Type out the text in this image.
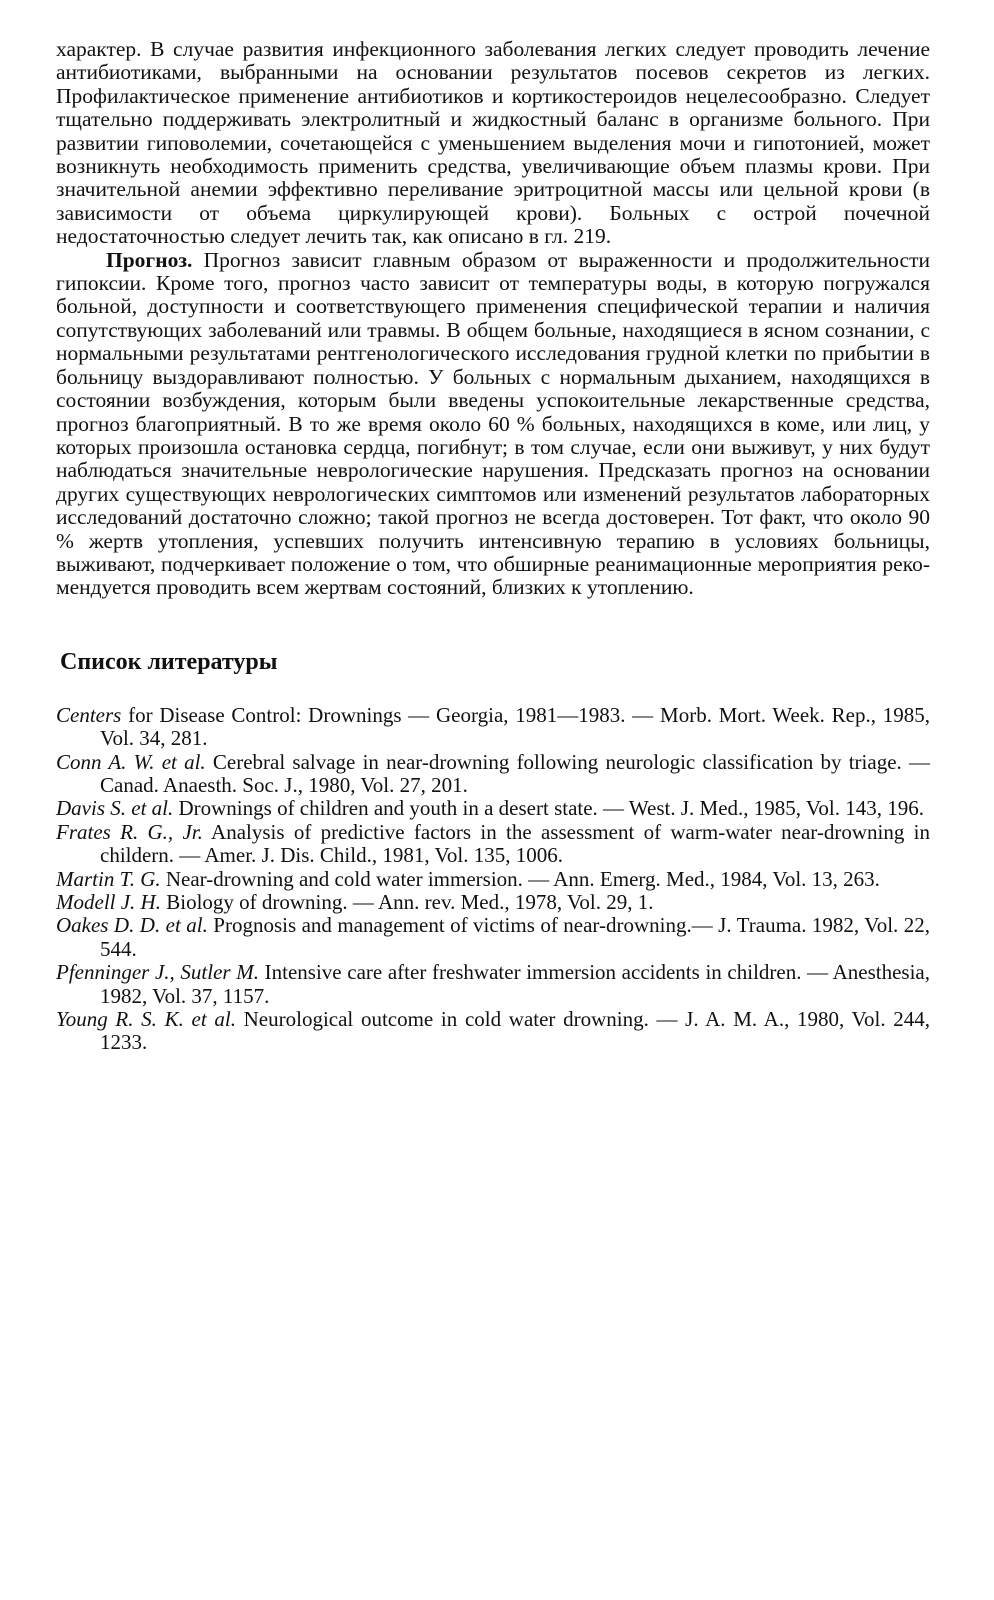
характер. В случае развития инфекционного заболевания легких следует проводить лечение антибиотиками, выбранными на основании результатов посевов секретов из легких. Профилактическое применение антибиотиков и кортикостероидов нецелесообразно. Следует тщательно поддерживать электролитный и жидкостный баланс в организме больного. При развитии гиповолемии, сочетающейся с уменьшением выделения мочи и гипотонией, может возникнуть необходимость применить средства, увеличивающие объем плазмы крови. При значительной анемии эффективно переливание эритроцитной массы или цельной крови (в зависимости от объема циркулирующей крови). Больных с острой почечной недостаточностью следует лечить так, как описано в гл. 219.

Прогноз. Прогноз зависит главным образом от выраженности и продолжительности гипоксии. Кроме того, прогноз часто зависит от температуры воды, в которую погружался больной, доступности и соответствующего применения специфической терапии и наличия сопутствующих заболеваний или травмы. В общем больные, находящиеся в ясном сознании, с нормальными результатами рентгенологического исследования грудной клетки по прибытии в больницу выздоравливают полностью. У больных с нормальным дыханием, находящихся в состоянии возбуждения, которым были введены успокоительные лекарственные средства, прогноз благоприятный. В то же время около 60 % больных, находящихся в коме, или лиц, у которых произошла остановка сердца, погибнут; в том случае, если они выживут, у них будут наблюдаться значительные неврологические нарушения. Предсказать прогноз на основании других существующих неврологических симптомов или изменений результатов лабораторных исследований достаточно сложно; такой прогноз не всегда достоверен. Тот факт, что около 90 % жертв утопления, успевших получить интенсивную терапию в условиях больницы, выживают, подчеркивает положение о том, что обширные реанимационные мероприятия рекомендуется проводить всем жертвам состояний, близких к утоплению.

Список литературы
Centers for Disease Control: Drownings — Georgia, 1981—1983. — Morb. Mort. Week. Rep., 1985, Vol. 34, 281.
Conn A. W. et al. Cerebral salvage in near-drowning following neurologic classification by triage. — Canad. Anaesth. Soc. J., 1980, Vol. 27, 201.
Davis S. et al. Drownings of children and youth in a desert state. — West. J. Med., 1985, Vol. 143, 196.
Frates R. G., Jr. Analysis of predictive factors in the assessment of warm-water near-drowning in childern. — Amer. J. Dis. Child., 1981, Vol. 135, 1006.
Martin T. G. Near-drowning and cold water immersion. — Ann. Emerg. Med., 1984, Vol. 13, 263.
Modell J. H. Biology of drowning. — Ann. rev. Med., 1978, Vol. 29, 1.
Oakes D. D. et al. Prognosis and management of victims of near-drowning.— J. Trauma. 1982, Vol. 22, 544.
Pfenninger J., Sutler M. Intensive care after freshwater immersion accidents in children. — Anesthesia, 1982, Vol. 37, 1157.
Young R. S. K. et al. Neurological outcome in cold water drowning. — J. A. M. A., 1980, Vol. 244, 1233.
